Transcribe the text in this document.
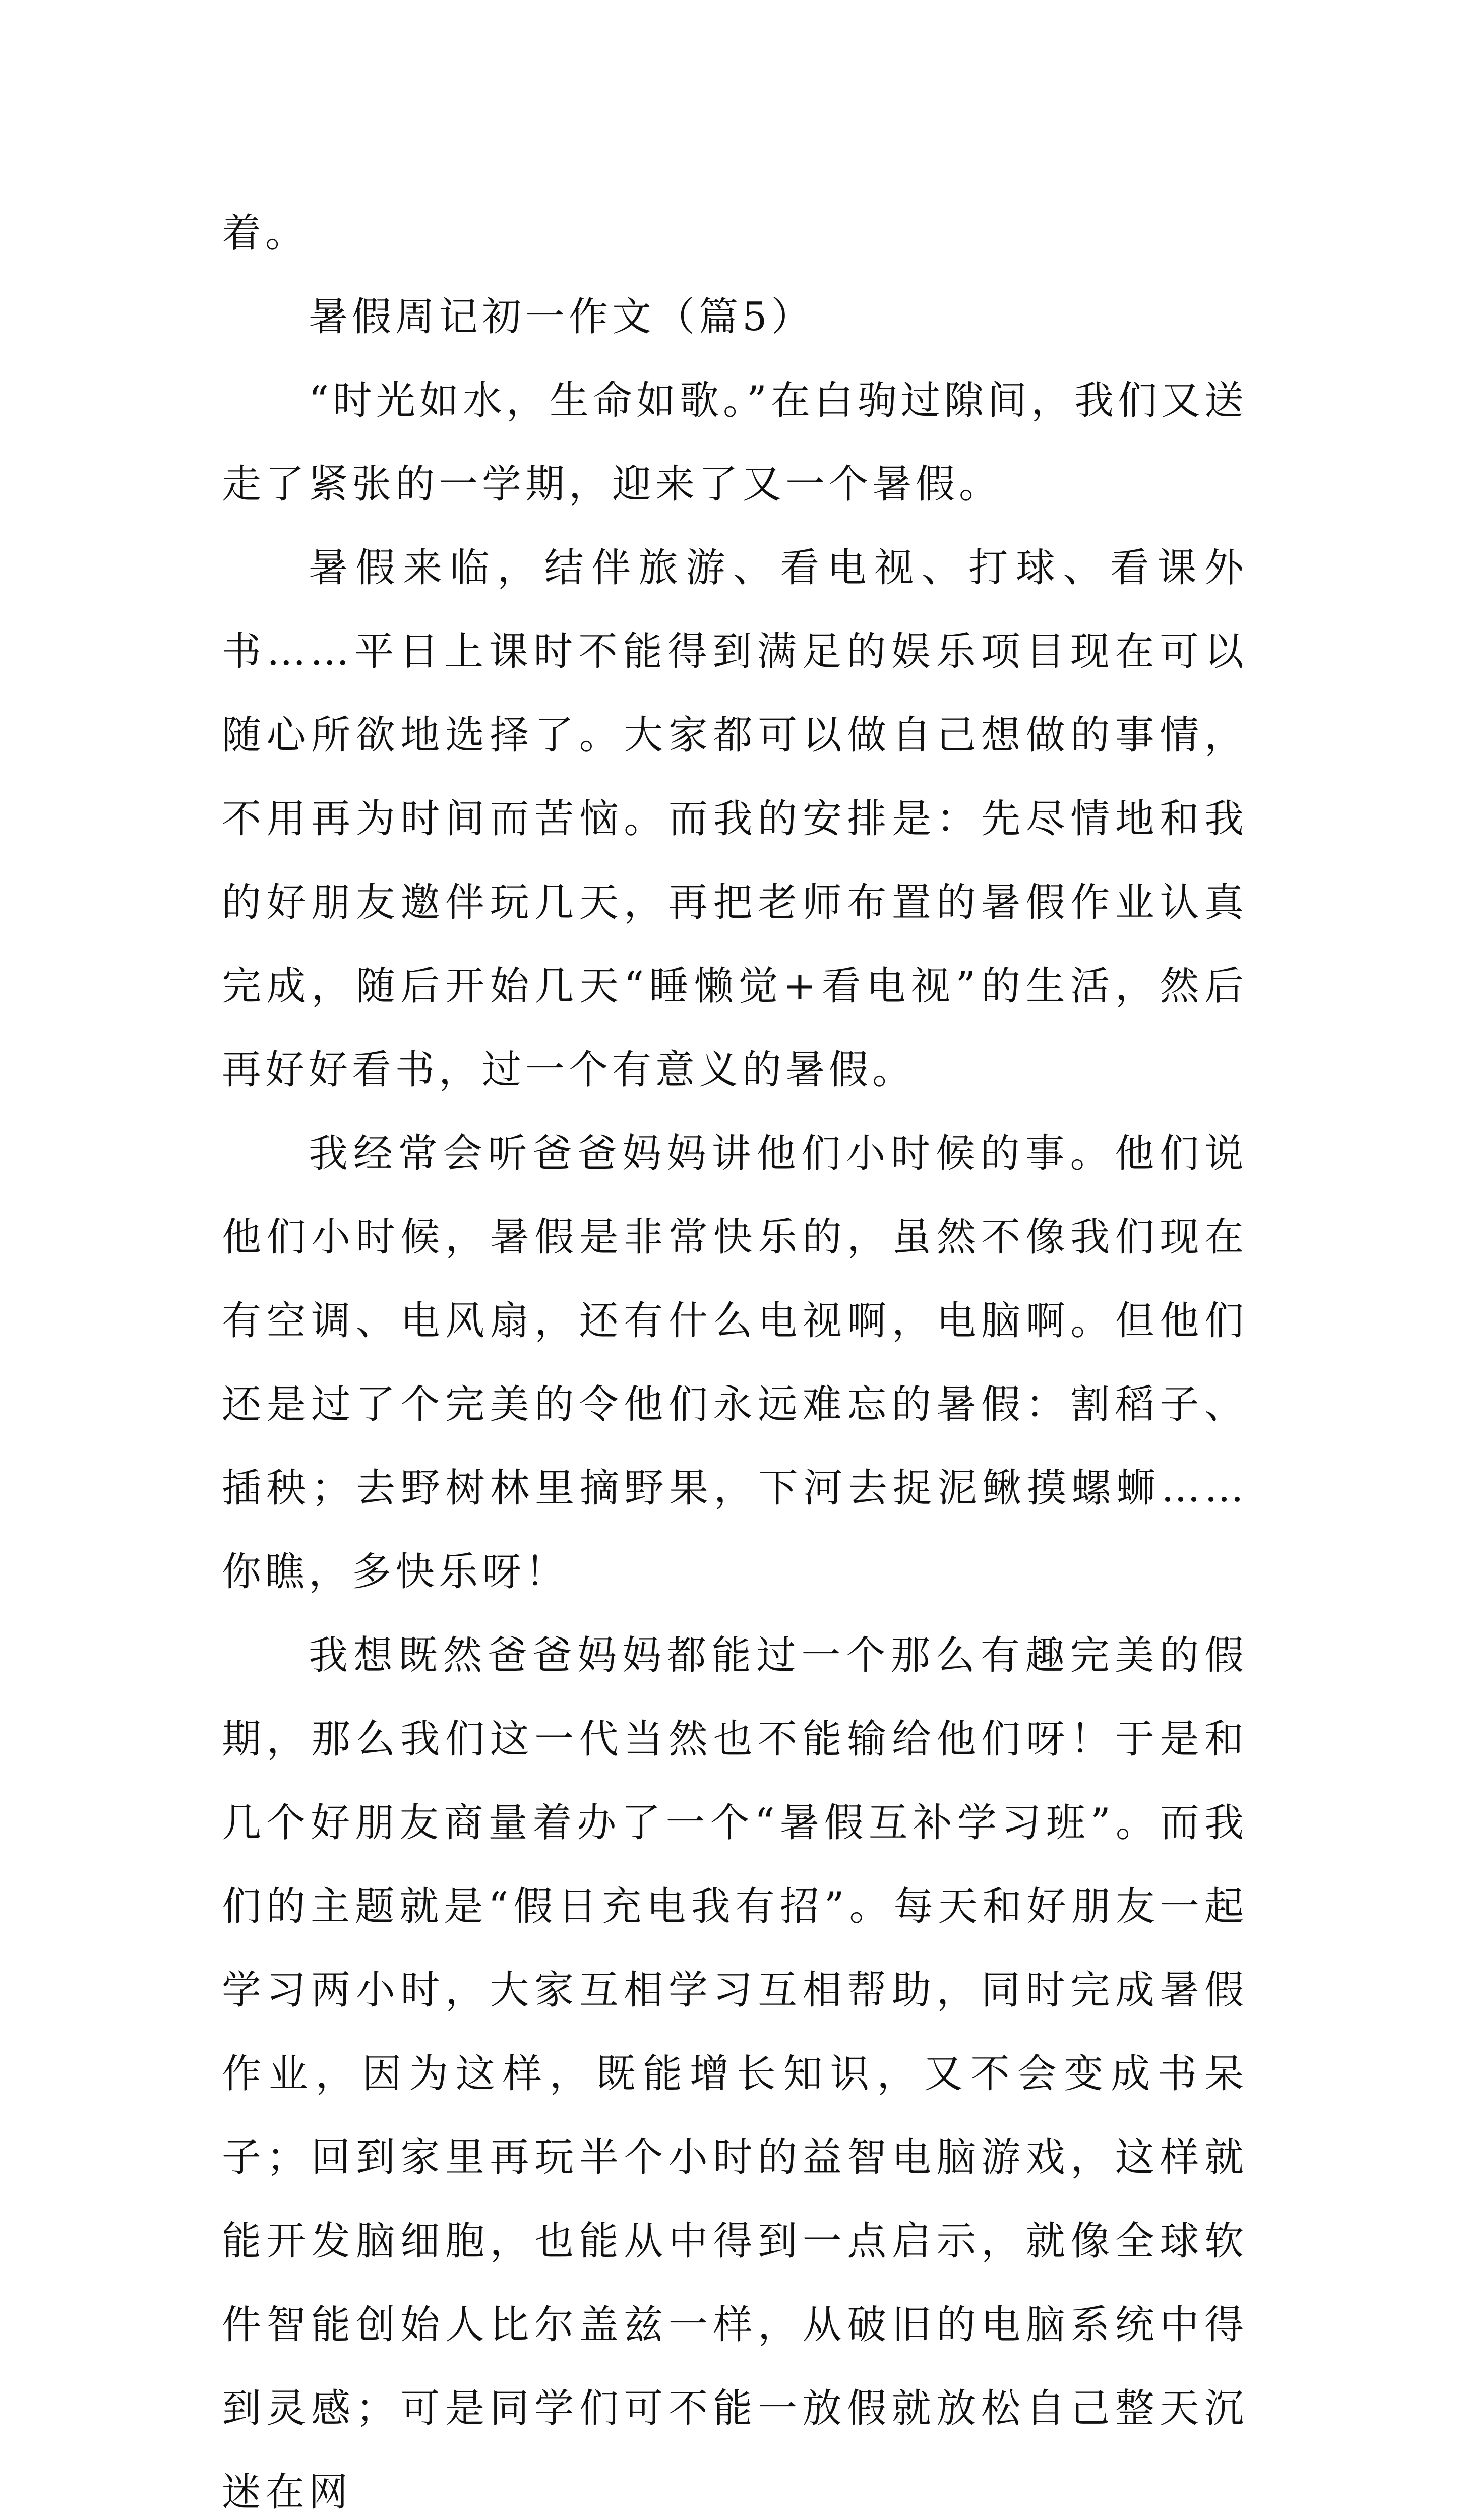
着。

暑假周记初一作文（篇5）

“时光如水，生命如歌。”在白驹过隙间，我们又送走了紧张的一学期，迎来了又一个暑假。

暑假来临，结伴旅游、看电视、打球、看课外书……平日上课时不能得到满足的娱乐项目现在可以随心所欲地选择了。大家都可以做自己想做的事情，不用再为时间而苦恼。而我的安排是：先尽情地和我的好朋友邀伴玩几天，再把老师布置的暑假作业认真完成，随后开始几天“睡懒觉+看电视”的生活，然后再好好看书，过一个有意义的暑假。

我经常会听爸爸妈妈讲他们小时候的事。他们说他们小时候，暑假是非常快乐的，虽然不像我们现在有空调、电风扇，还有什么电视啊，电脑啊。但他们还是过了个完美的令他们永远难忘的暑假：割稻子、插秧；去野树林里摘野果，下河去捉泥鳅摸螺蛳……你瞧，多快乐呀！

我想既然爸爸妈妈都能过一个那么有趣完美的假期，那么我们这一代当然也不能输给他们呀！于是和几个好朋友商量着办了一个“暑假互补学习班”。而我们的主题就是“假日充电我有招”。每天和好朋友一起学习两小时，大家互相学习互相帮助，同时完成暑假作业，因为这样，既能增长知识，又不会变成书呆子；回到家里再玩半个小时的益智电脑游戏，这样就能开发脑细胞，也能从中得到一点启示，就像全球软件智能创始人比尔盖兹一样，从破旧的电脑系统中得到灵感；可是同学们可不能一放假就放松自己整天沉迷在网
